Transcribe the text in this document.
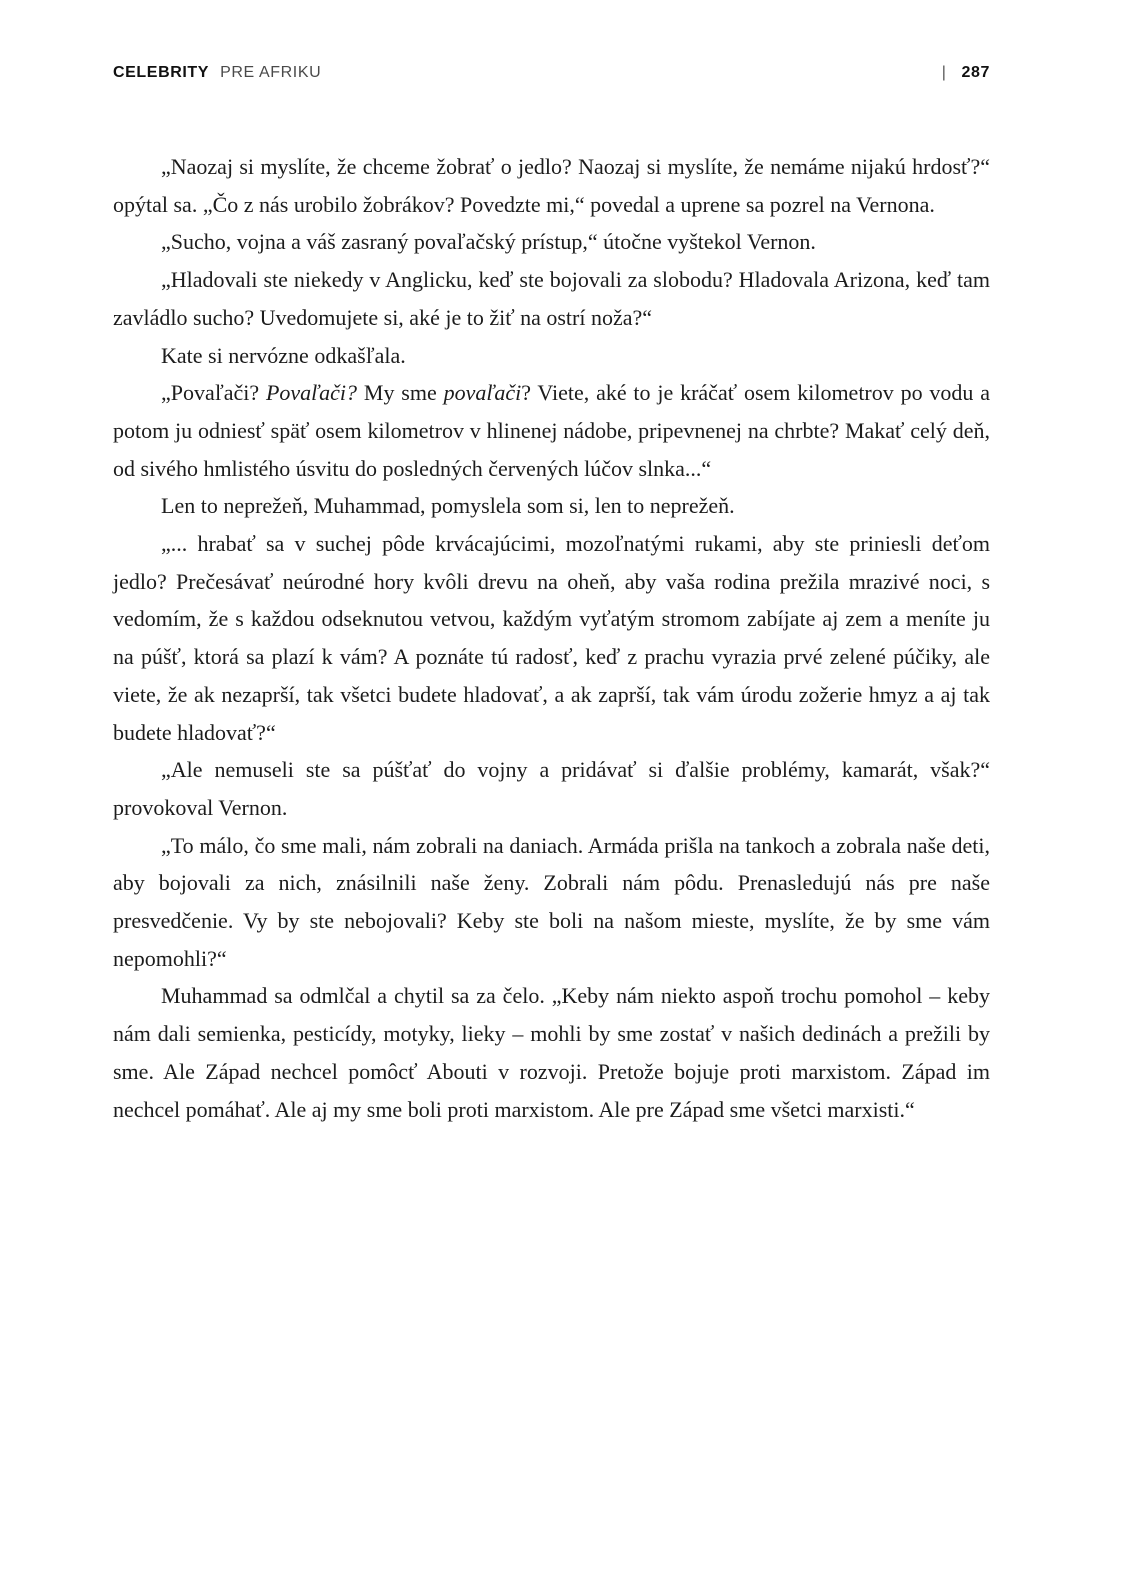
CELEBRITY PRE AFRIKU	| 287

„Naozaj si myslíte, že chceme žobrať o jedlo? Naozaj si myslíte, že nemáme nijakú hrdosť?“ opýtal sa. „Čo z nás urobilo žobrákov? Povedzte mi,“ povedal a uprene sa pozrel na Vernona.

„Sucho, vojna a váš zasraný povaľačský prístup,“ útočne vyštekol Vernon.

„Hladovali ste niekedy v Anglicku, keď ste bojovali za slobodu? Hladovala Arizona, keď tam zavládlo sucho? Uvedomujete si, aké je to žiť na ostrí noža?“

Kate si nervózne odkašľala.

„Povaľači? Povaľači? My sme povaľači? Viete, aké to je kráčať osem kilometrov po vodu a potom ju odniesť späť osem kilometrov v hlinenej nádobe, pripevnenej na chrbte? Makať celý deň, od sivého hmlistého úsvitu do posledných červených lúčov slnka...“

Len to neprežeň, Muhammad, pomyslela som si, len to neprežeň.

„... hrabať sa v suchej pôde krvácajúcimi, mozoľnatými rukami, aby ste priniesli deťom jedlo? Prečesávať neúrodné hory kvôli drevu na oheň, aby vaša rodina prežila mrazivé noci, s vedomím, že s každou odseknutou vetvou, každým vyťatým stromom zabíjate aj zem a meníte ju na púšť, ktorá sa plazí k vám? A poznáte tú radosť, keď z prachu vyrazia prvé zelené púčiky, ale viete, že ak nezaprší, tak všetci budete hladovať, a ak zaprší, tak vám úrodu zožerie hmyz a aj tak budete hladovať?“

„Ale nemuseli ste sa púšťať do vojny a pridávať si ďalšie problémy, kamarát, však?“ provokoval Vernon.

„To málo, čo sme mali, nám zobrali na daniach. Armáda prišla na tankoch a zobrala naše deti, aby bojovali za nich, znásilnili naše ženy. Zobrali nám pôdu. Prenasledujú nás pre naše presvedčenie. Vy by ste nebojovali? Keby ste boli na našom mieste, myslíte, že by sme vám nepomohli?“

Muhammad sa odmlčal a chytil sa za čelo. „Keby nám niekto aspoň trochu pomohol – keby nám dali semienka, pesticídy, motyky, lieky – mohli by sme zostať v našich dedinách a prežili by sme. Ale Západ nechcel pomôcť Abouti v rozvoji. Pretože bojuje proti marxistom. Západ im nechcel pomáhať. Ale aj my sme boli proti marxistom. Ale pre Západ sme všetci marxisti.“
